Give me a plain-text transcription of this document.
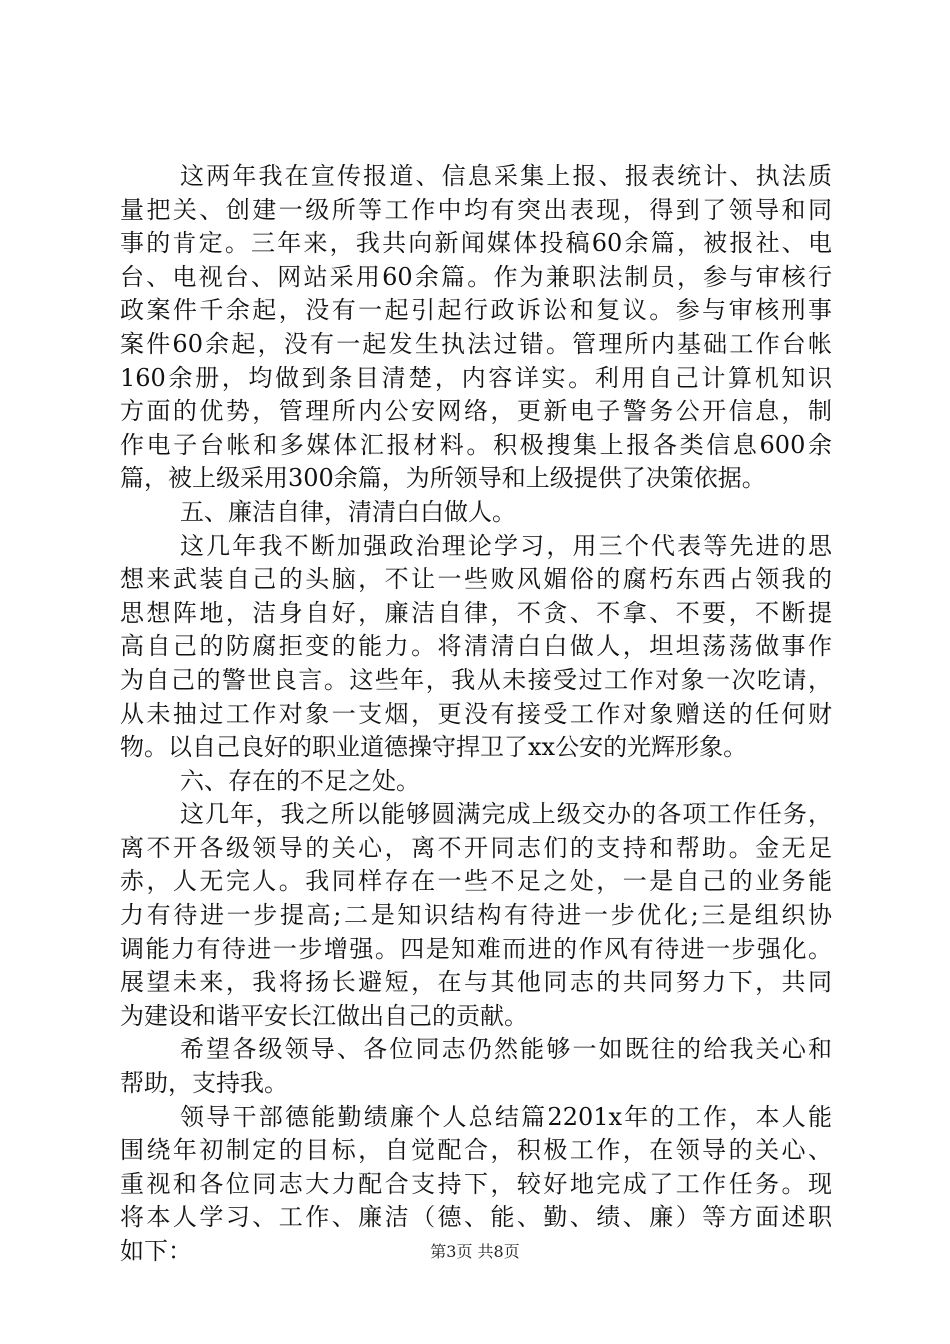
这两年我在宣传报道、信息采集上报、报表统计、执法质
量把关、创建一级所等工作中均有突出表现，得到了领导和同
事的肯定。三年来，我共向新闻媒体投稿60余篇，被报社、电
台、电视台、网站采用60余篇。作为兼职法制员，参与审核行
政案件千余起，没有一起引起行政诉讼和复议。参与审核刑事
案件60余起，没有一起发生执法过错。管理所内基础工作台帐
160余册，均做到条目清楚，内容详实。利用自己计算机知识
方面的优势，管理所内公安网络，更新电子警务公开信息，制
作电子台帐和多媒体汇报材料。积极搜集上报各类信息600余
篇，被上级采用300余篇，为所领导和上级提供了决策依据。
五、廉洁自律，清清白白做人。
这几年我不断加强政治理论学习，用三个代表等先进的思
想来武装自己的头脑，不让一些败风媚俗的腐朽东西占领我的
思想阵地，洁身自好，廉洁自律，不贪、不拿、不要，不断提
高自己的防腐拒变的能力。将清清白白做人，坦坦荡荡做事作
为自己的警世良言。这些年，我从未接受过工作对象一次吃请，
从未抽过工作对象一支烟，更没有接受工作对象赠送的任何财
物。以自己良好的职业道德操守捍卫了xx公安的光辉形象。
六、存在的不足之处。
这几年，我之所以能够圆满完成上级交办的各项工作任务，
离不开各级领导的关心，离不开同志们的支持和帮助。金无足
赤，人无完人。我同样存在一些不足之处，一是自己的业务能
力有待进一步提高;二是知识结构有待进一步优化;三是组织协
调能力有待进一步增强。四是知难而进的作风有待进一步强化。
展望未来，我将扬长避短，在与其他同志的共同努力下，共同
为建设和谐平安长江做出自己的贡献。
希望各级领导、各位同志仍然能够一如既往的给我关心和
帮助，支持我。
领导干部德能勤绩廉个人总结篇2201x年的工作，本人能
围绕年初制定的目标，自觉配合，积极工作，在领导的关心、
重视和各位同志大力配合支持下，较好地完成了工作任务。现
将本人学习、工作、廉洁（德、能、勤、绩、廉）等方面述职
如下：	第3页 共8页
